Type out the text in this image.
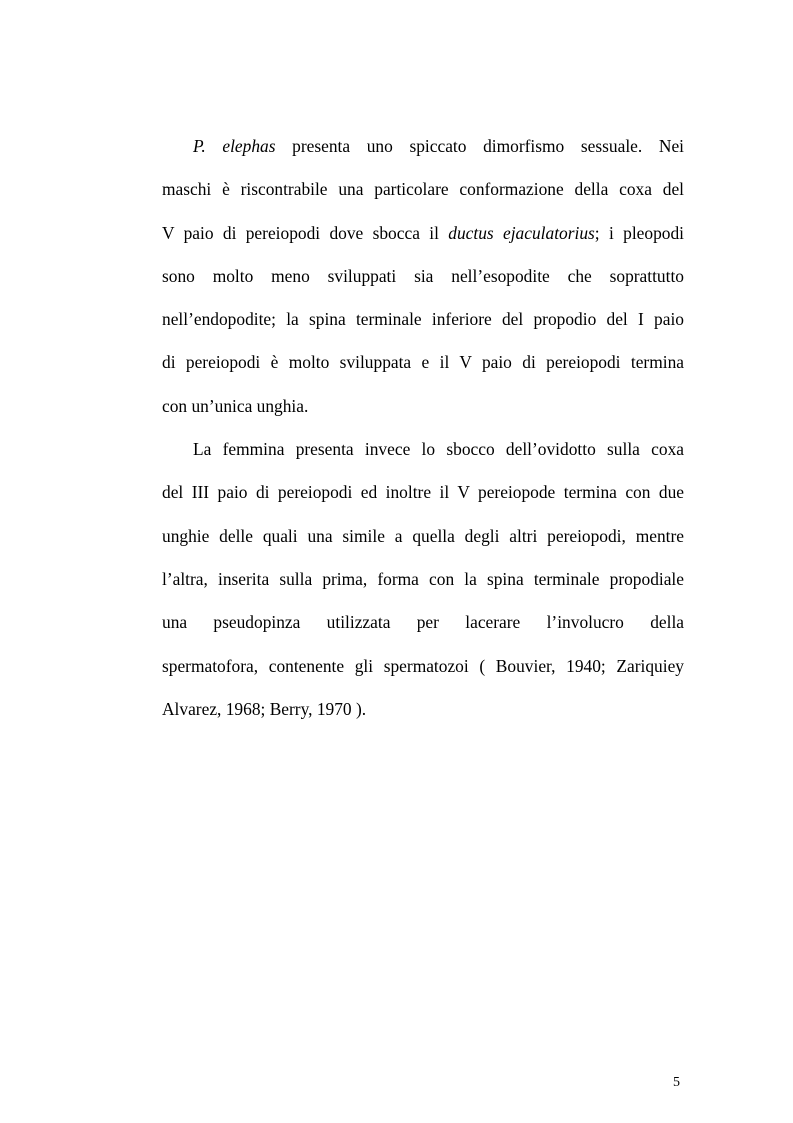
P. elephas presenta uno spiccato dimorfismo sessuale. Nei
maschi è riscontrabile una particolare conformazione della coxa del
V paio di pereiopodi dove sbocca il ductus ejaculatorius; i pleopodi
sono molto meno sviluppati sia nell’esopodite che soprattutto
nell’endopodite; la spina terminale inferiore del propodio del I paio
di pereiopodi è molto sviluppata e il V paio di pereiopodi termina
con un’unica unghia.
La femmina presenta invece lo sbocco dell’ovidotto sulla coxa
del III paio di pereiopodi ed inoltre il V pereiopode termina con due
unghie delle quali una simile a quella degli altri pereiopodi, mentre
l’altra, inserita sulla prima, forma con la spina terminale propodiale
una pseudopinza utilizzata per lacerare l’involucro della
spermatofora, contenente gli spermatozoi ( Bouvier, 1940; Zariquiey
Alvarez, 1968; Berry, 1970 ).
5
